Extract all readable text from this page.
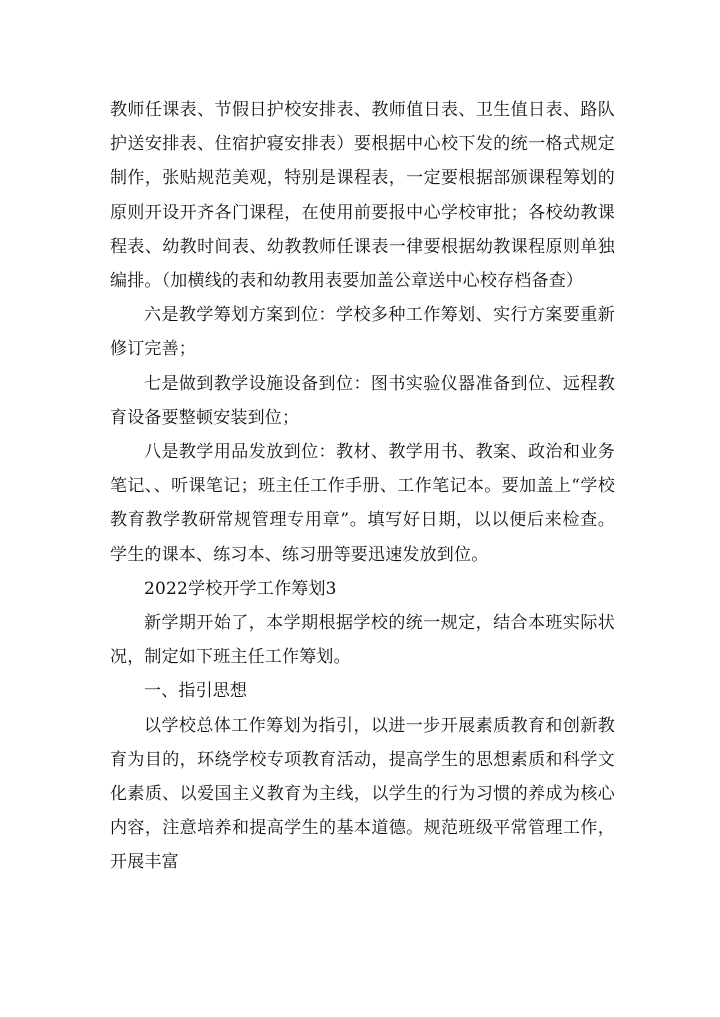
教师任课表、节假日护校安排表、教师值日表、卫生值日表、路队护送安排表、住宿护寝安排表）要根据中心校下发的统一格式规定制作，张贴规范美观，特别是课程表，一定要根据部颁课程筹划的原则开设开齐各门课程，在使用前要报中心学校审批；各校幼教课程表、幼教时间表、幼教教师任课表一律要根据幼教课程原则单独编排。（加横线的表和幼教用表要加盖公章送中心校存档备查）

六是教学筹划方案到位：学校多种工作筹划、实行方案要重新修订完善；

七是做到教学设施设备到位：图书实验仪器准备到位、远程教育设备要整顿安装到位；

八是教学用品发放到位：教材、教学用书、教案、政治和业务笔记、、听课笔记；班主任工作手册、工作笔记本。要加盖上“学校教育教学教研常规管理专用章”。填写好日期，以以便后来检查。学生的课本、练习本、练习册等要迅速发放到位。

2022学校开学工作筹划3

新学期开始了，本学期根据学校的统一规定，结合本班实际状况，制定如下班主任工作筹划。

一、指引思想

以学校总体工作筹划为指引，以进一步开展素质教育和创新教育为目的，环绕学校专项教育活动，提高学生的思想素质和科学文化素质、以爱国主义教育为主线，以学生的行为习惯的养成为核心内容，注意培养和提高学生的基本道德。规范班级平常管理工作，开展丰富
